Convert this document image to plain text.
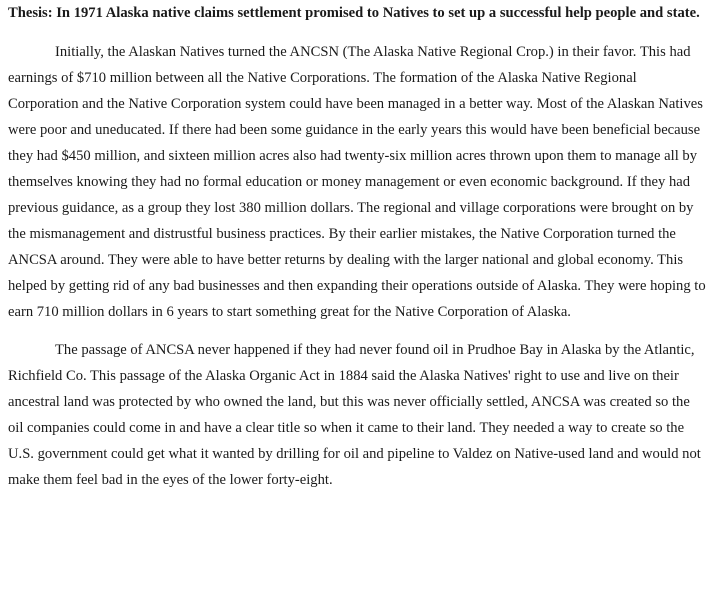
Thesis: In 1971 Alaska native claims settlement promised to Natives to set up a successful help people and state.

Initially, the Alaskan Natives turned the ANCSN (The Alaska Native Regional Crop.) in their favor. This had earnings of $710 million between all the Native Corporations. The formation of the Alaska Native Regional Corporation and the Native Corporation system could have been managed in a better way. Most of the Alaskan Natives were poor and uneducated. If there had been some guidance in the early years this would have been beneficial because they had $450 million, and sixteen million acres also had twenty-six million acres thrown upon them to manage all by themselves knowing they had no formal education or money management or even economic background. If they had previous guidance, as a group they lost 380 million dollars. The regional and village corporations were brought on by the mismanagement and distrustful business practices. By their earlier mistakes, the Native Corporation turned the ANCSA around. They were able to have better returns by dealing with the larger national and global economy. This helped by getting rid of any bad businesses and then expanding their operations outside of Alaska. They were hoping to earn 710 million dollars in 6 years to start something great for the Native Corporation of Alaska.

The passage of ANCSA never happened if they had never found oil in Prudhoe Bay in Alaska by the Atlantic, Richfield Co. This passage of the Alaska Organic Act in 1884 said the Alaska Natives' right to use and live on their ancestral land was protected by who owned the land, but this was never officially settled, ANCSA was created so the oil companies could come in and have a clear title so when it came to their land. They needed a way to create so the U.S. government could get what it wanted by drilling for oil and pipeline to Valdez on Native-used land and would not make them feel bad in the eyes of the lower forty-eight.
